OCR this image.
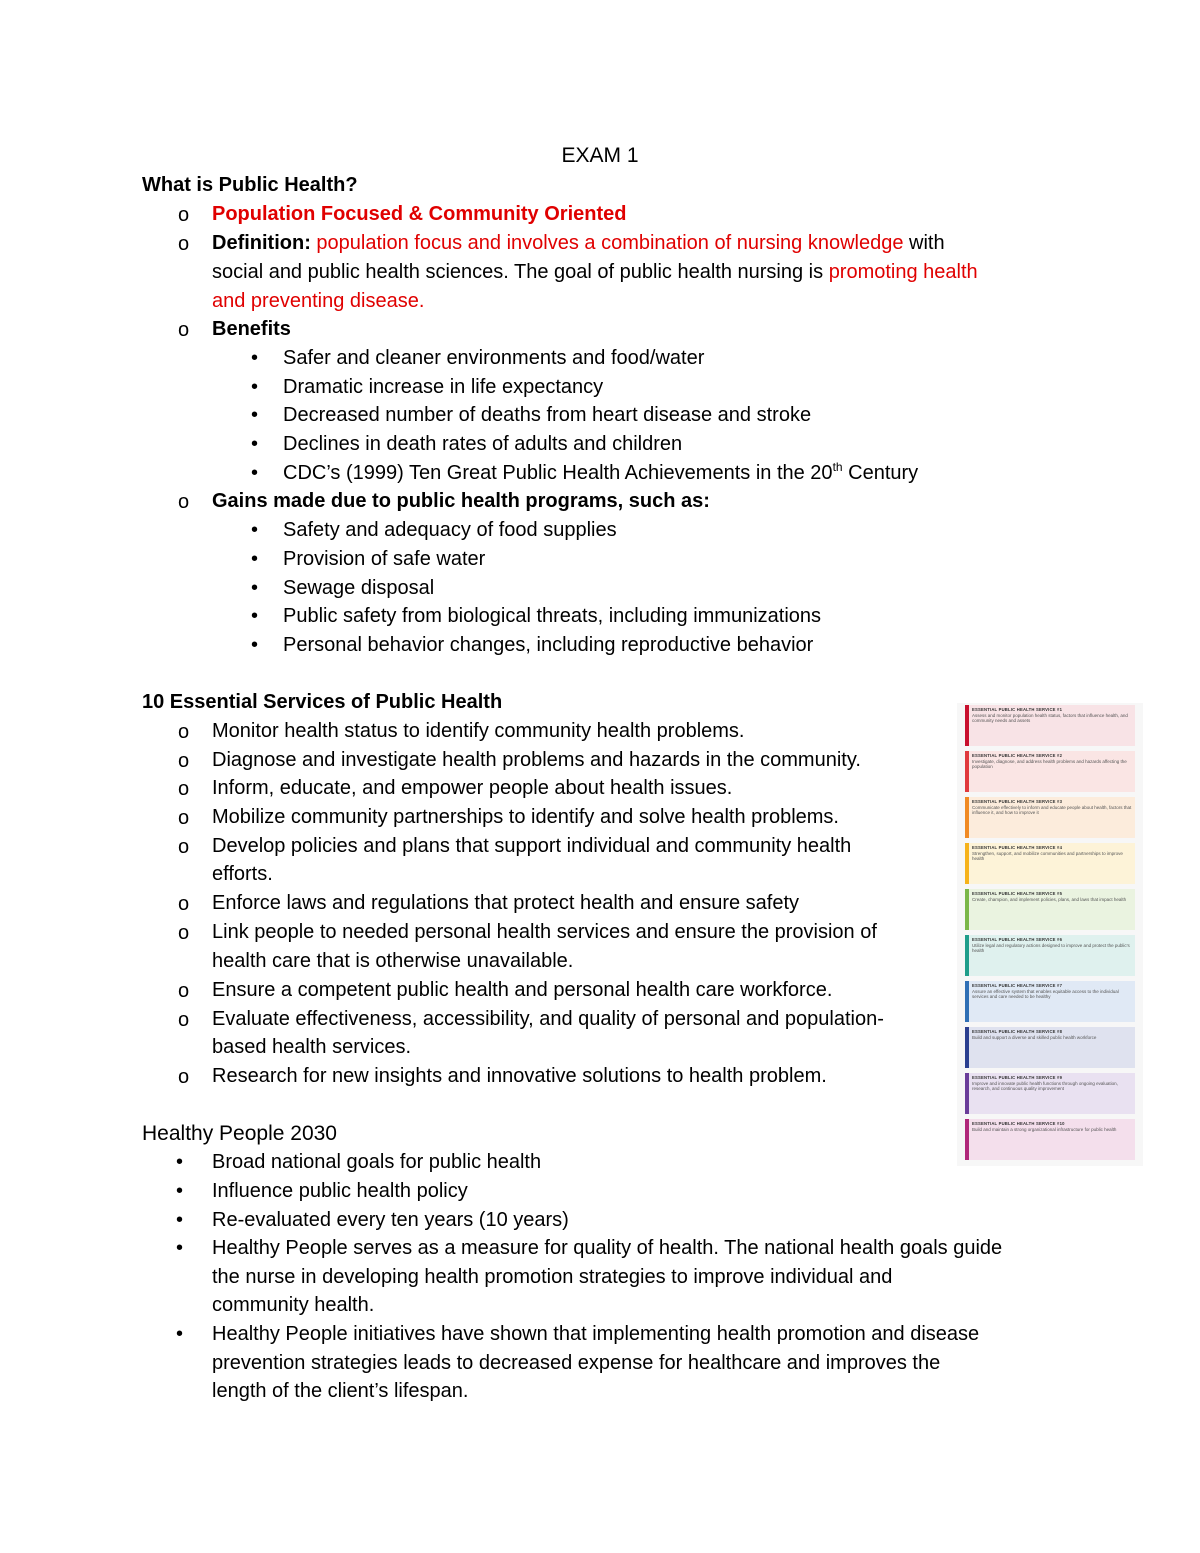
EXAM 1
What is Public Health?
o Population Focused & Community Oriented
o Definition: population focus and involves a combination of nursing knowledge with
social and public health sciences. The goal of public health nursing is promoting health
and preventing disease.
o Benefits
• Safer and cleaner environments and food/water
• Dramatic increase in life expectancy
• Decreased number of deaths from heart disease and stroke
• Declines in death rates of adults and children
• CDC’s (1999) Ten Great Public Health Achievements in the 20th Century
o Gains made due to public health programs, such as:
• Safety and adequacy of food supplies
• Provision of safe water
• Sewage disposal
• Public safety from biological threats, including immunizations
• Personal behavior changes, including reproductive behavior
10 Essential Services of Public Health
o Monitor health status to identify community health problems.
o Diagnose and investigate health problems and hazards in the community.
o Inform, educate, and empower people about health issues.
o Mobilize community partnerships to identify and solve health problems.
o Develop policies and plans that support individual and community health
efforts.
o Enforce laws and regulations that protect health and ensure safety
o Link people to needed personal health services and ensure the provision of
health care that is otherwise unavailable.
o Ensure a competent public health and personal health care workforce.
o Evaluate effectiveness, accessibility, and quality of personal and population-
based health services.
o Research for new insights and innovative solutions to health problem.
ESSENTIAL PUBLIC HEALTH SERVICE #1
Assess and monitor population health status, factors that influence health, and community needs and assets
ESSENTIAL PUBLIC HEALTH SERVICE #2
Investigate, diagnose, and address health problems and hazards affecting the population
ESSENTIAL PUBLIC HEALTH SERVICE #3
Communicate effectively to inform and educate people about health, factors that influence it, and how to improve it
ESSENTIAL PUBLIC HEALTH SERVICE #4
Strengthen, support, and mobilize communities and partnerships to improve health
ESSENTIAL PUBLIC HEALTH SERVICE #5
Create, champion, and implement policies, plans, and laws that impact health
ESSENTIAL PUBLIC HEALTH SERVICE #6
Utilize legal and regulatory actions designed to improve and protect the public's health
ESSENTIAL PUBLIC HEALTH SERVICE #7
Assure an effective system that enables equitable access to the individual services and care needed to be healthy
ESSENTIAL PUBLIC HEALTH SERVICE #8
Build and support a diverse and skilled public health workforce
ESSENTIAL PUBLIC HEALTH SERVICE #9
Improve and innovate public health functions through ongoing evaluation, research, and continuous quality improvement
ESSENTIAL PUBLIC HEALTH SERVICE #10
Build and maintain a strong organizational infrastructure for public health
Healthy People 2030
• Broad national goals for public health
• Influence public health policy
• Re-evaluated every ten years (10 years)
• Healthy People serves as a measure for quality of health. The national health goals guide
the nurse in developing health promotion strategies to improve individual and
community health.
• Healthy People initiatives have shown that implementing health promotion and disease
prevention strategies leads to decreased expense for healthcare and improves the
length of the client’s lifespan.
